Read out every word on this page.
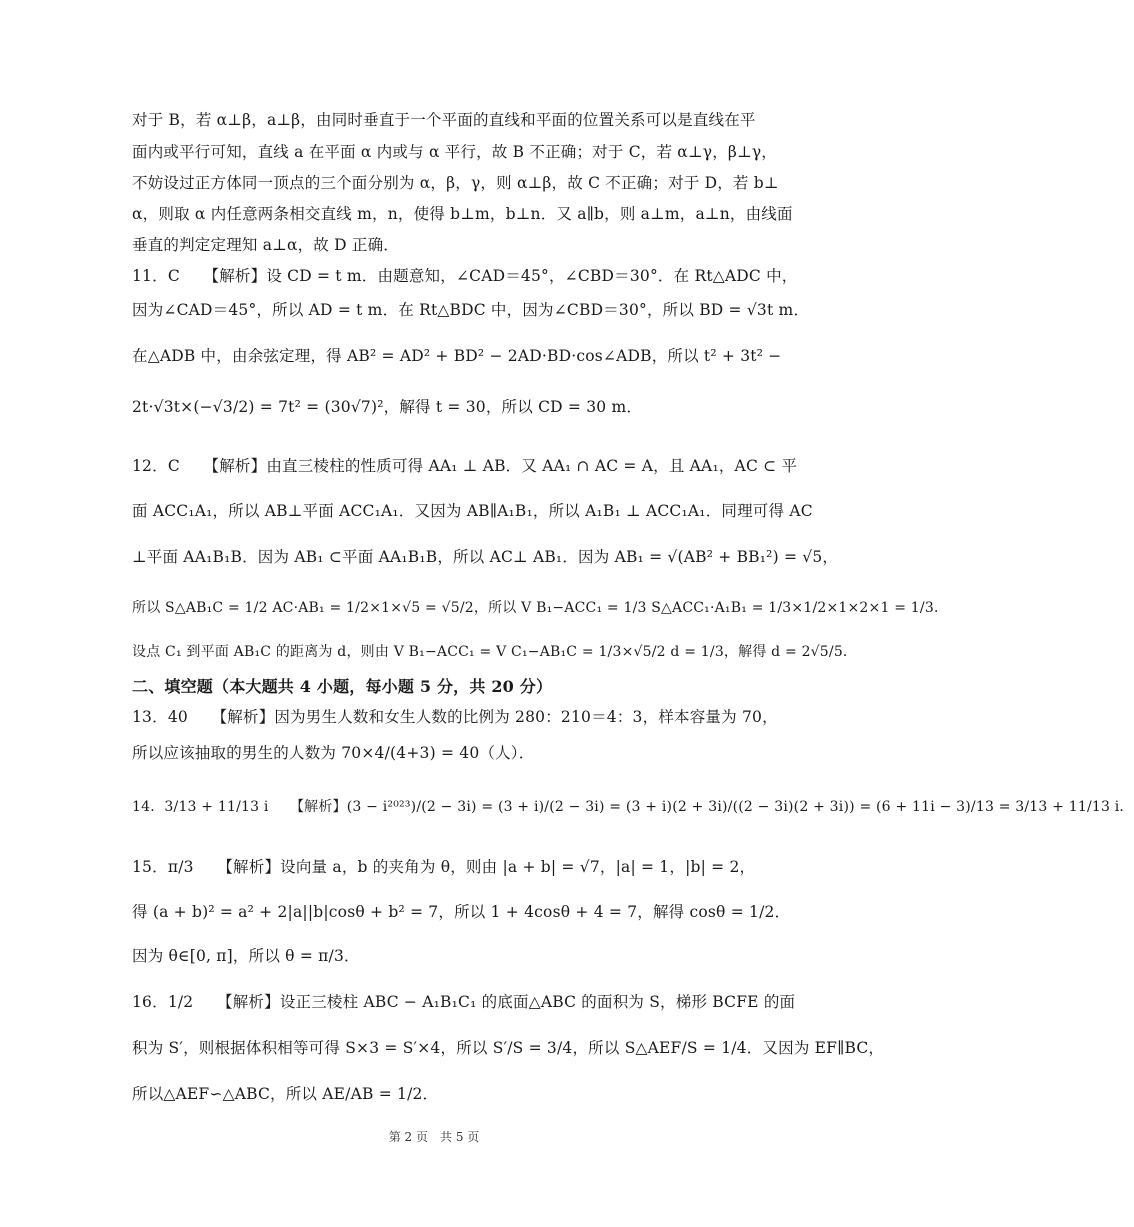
对于 B，若 α⊥β，a⊥β，由同时垂直于一个平面的直线和平面的位置关系可以是直线在平
面内或平行可知，直线 a 在平面 α 内或与 α 平行，故 B 不正确；对于 C，若 α⊥γ，β⊥γ，
不妨设过正方体同一顶点的三个面分别为 α，β，γ，则 α⊥β，故 C 不正确；对于 D，若 b⊥
α，则取 α 内任意两条相交直线 m，n，使得 b⊥m，b⊥n．又 a∥b，则 a⊥m，a⊥n，由线面
垂直的判定定理知 a⊥α，故 D 正确．
11．C　　【解析】设 CD = t m．由题意知，∠CAD＝45°，∠CBD＝30°．在 Rt△ADC 中，
因为∠CAD＝45°，所以 AD = t m．在 Rt△BDC 中，因为∠CBD＝30°，所以 BD = √3t m．
在△ADB 中，由余弦定理，得 AB² = AD² + BD² − 2AD·BD·cos∠ADB，所以 t² + 3t² −
2t·√3t×(−√3/2) = 7t² = (30√7)²，解得 t = 30，所以 CD = 30 m．
12．C　　【解析】由直三棱柱的性质可得 AA₁ ⊥ AB．又 AA₁ ∩ AC = A，且 AA₁，AC ⊂ 平
面 ACC₁A₁，所以 AB⊥平面 ACC₁A₁．又因为 AB∥A₁B₁，所以 A₁B₁ ⊥ ACC₁A₁．同理可得 AC
⊥平面 AA₁B₁B．因为 AB₁ ⊂平面 AA₁B₁B，所以 AC⊥ AB₁．因为 AB₁ = √(AB² + BB₁²) = √5，
所以 S△AB₁C = 1/2 AC·AB₁ = 1/2×1×√5 = √5/2，所以 V B₁−ACC₁ = 1/3 S△ACC₁·A₁B₁ = 1/3×1/2×1×2×1 = 1/3．
设点 C₁ 到平面 AB₁C 的距离为 d，则由 V B₁−ACC₁ = V C₁−AB₁C = 1/3×√5/2 d = 1/3，解得 d = 2√5/5．
二、填空题（本大题共 4 小题，每小题 5 分，共 20 分）
13．40　　【解析】因为男生人数和女生人数的比例为 280：210＝4：3，样本容量为 70，
所以应该抽取的男生的人数为 70×4/(4+3) = 40（人）．
14．3/13 + 11/13 i　　【解析】(3 − i²⁰²³)/(2 − 3i) = (3 + i)/(2 − 3i) = (3 + i)(2 + 3i)/((2 − 3i)(2 + 3i)) = (6 + 11i − 3)/13 = 3/13 + 11/13 i．
15．π/3　　【解析】设向量 a，b 的夹角为 θ，则由 |a + b| = √7，|a| = 1，|b| = 2，
得 (a + b)² = a² + 2|a||b|cosθ + b² = 7，所以 1 + 4cosθ + 4 = 7，解得 cosθ = 1/2．
因为 θ∈[0, π]，所以 θ = π/3．
16．1/2　　【解析】设正三棱柱 ABC − A₁B₁C₁ 的底面△ABC 的面积为 S，梯形 BCFE 的面
积为 S′，则根据体积相等可得 S×3 = S′×4，所以 S′/S = 3/4，所以 S△AEF/S = 1/4．又因为 EF∥BC，
所以△AEF∽△ABC，所以 AE/AB = 1/2．
第 2 页　共 5 页
